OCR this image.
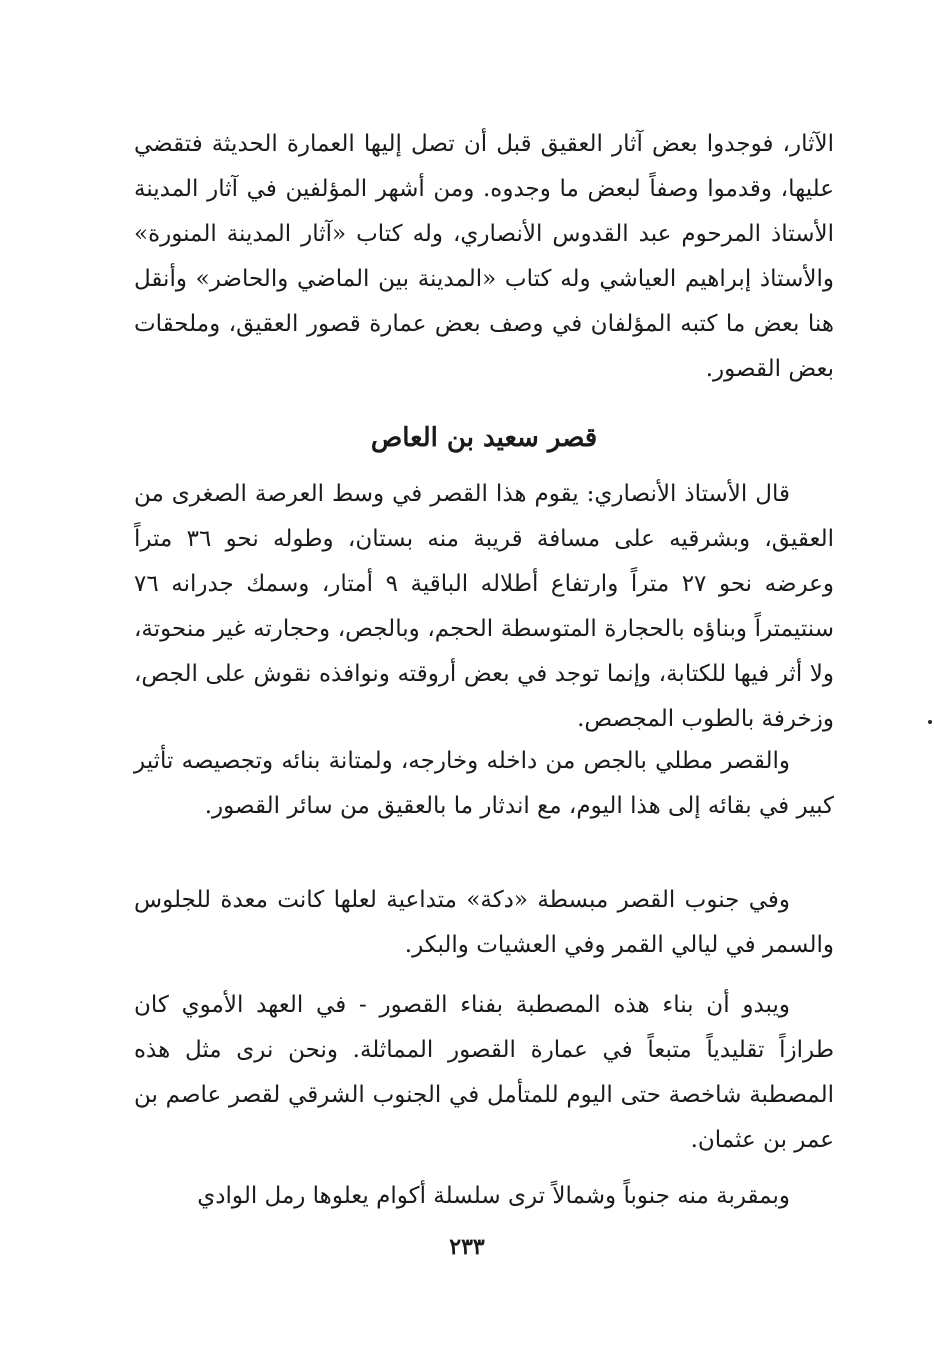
الآثار، فوجدوا بعض آثار العقيق قبل أن تصل إليها العمارة الحديثة فتقضي عليها، وقدموا وصفاً لبعض ما وجدوه. ومن أشهر المؤلفين في آثار المدينة الأستاذ المرحوم عبد القدوس الأنصاري، وله كتاب «آثار المدينة المنورة» والأستاذ إبراهيم العياشي وله كتاب «المدينة بين الماضي والحاضر» وأنقل هنا بعض ما كتبه المؤلفان في وصف بعض عمارة قصور العقيق، وملحقات بعض القصور.

قصر سعيد بن العاص

قال الأستاذ الأنصاري: يقوم هذا القصر في وسط العرصة الصغرى من العقيق، وبشرقيه على مسافة قريبة منه بستان، وطوله نحو ٣٦ متراً وعرضه نحو ٢٧ متراً وارتفاع أطلاله الباقية ٩ أمتار، وسمك جدرانه ٧٦ سنتيمتراً وبناؤه بالحجارة المتوسطة الحجم، وبالجص، وحجارته غير منحوتة، ولا أثر فيها للكتابة، وإنما توجد في بعض أروقته ونوافذه نقوش على الجص، وزخرفة بالطوب المجصص.

والقصر مطلي بالجص من داخله وخارجه، ولمتانة بنائه وتجصيصه تأثير كبير في بقائه إلى هذا اليوم، مع اندثار ما بالعقيق من سائر القصور.

وفي جنوب القصر مبسطة «دكة» متداعية لعلها كانت معدة للجلوس والسمر في ليالي القمر وفي العشيات والبكر.

ويبدو أن بناء هذه المصطبة بفناء القصور - في العهد الأموي كان طرازاً تقليدياً متبعاً في عمارة القصور المماثلة. ونحن نرى مثل هذه المصطبة شاخصة حتى اليوم للمتأمل في الجنوب الشرقي لقصر عاصم بن عمر بن عثمان.

وبمقربة منه جنوباً وشمالاً ترى سلسلة أكوام يعلوها رمل الوادي

٢٣٣
